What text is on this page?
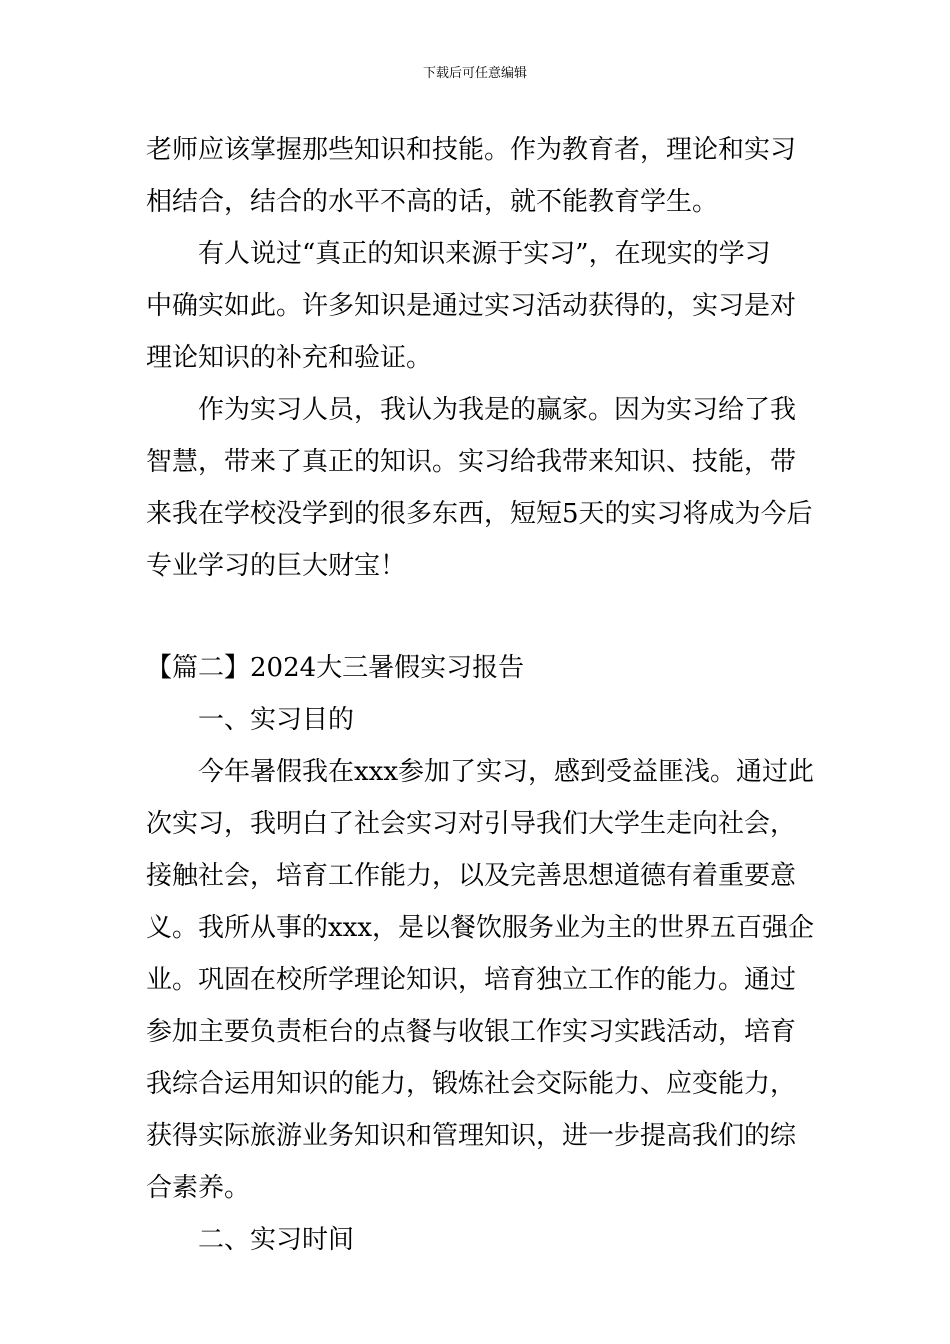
下载后可任意编辑
老师应该掌握那些知识和技能。作为教育者，理论和实习
相结合，结合的水平不高的话，就不能教育学生。
有人说过“真正的知识来源于实习”，在现实的学习
中确实如此。许多知识是通过实习活动获得的，实习是对
理论知识的补充和验证。
作为实习人员，我认为我是的赢家。因为实习给了我
智慧，带来了真正的知识。实习给我带来知识、技能，带
来我在学校没学到的很多东西，短短5天的实习将成为今后
专业学习的巨大财宝！
【篇二】2024大三暑假实习报告
一、实习目的
今年暑假我在xxx参加了实习，感到受益匪浅。通过此
次实习，我明白了社会实习对引导我们大学生走向社会，
接触社会，培育工作能力，以及完善思想道德有着重要意
义。我所从事的xxx，是以餐饮服务业为主的世界五百强企
业。巩固在校所学理论知识，培育独立工作的能力。通过
参加主要负责柜台的点餐与收银工作实习实践活动，培育
我综合运用知识的能力，锻炼社会交际能力、应变能力，
获得实际旅游业务知识和管理知识，进一步提高我们的综
合素养。
二、实习时间
